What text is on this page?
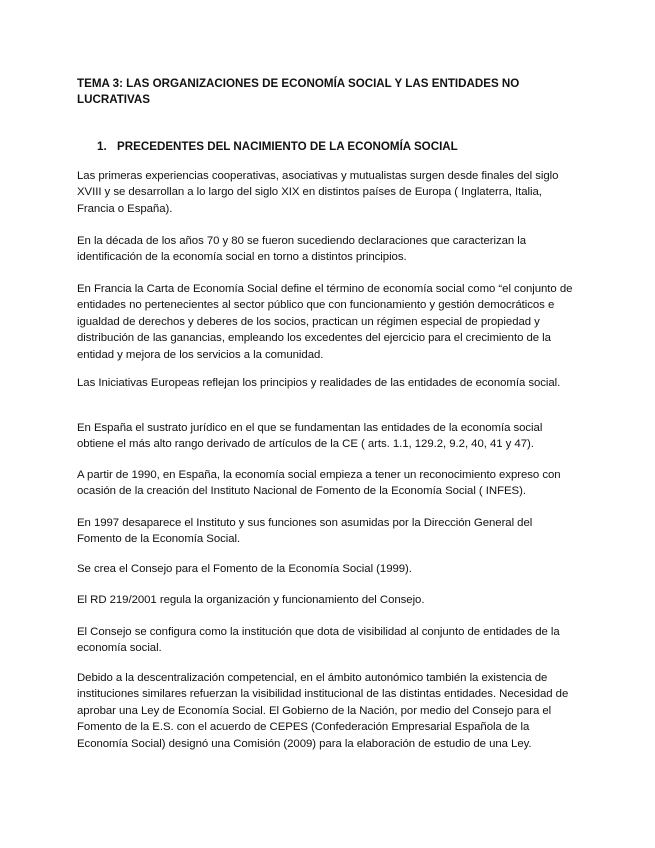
TEMA 3: LAS ORGANIZACIONES DE ECONOMÍA SOCIAL Y LAS ENTIDADES NO LUCRATIVAS
1. PRECEDENTES DEL NACIMIENTO DE LA ECONOMÍA SOCIAL

Las primeras experiencias cooperativas, asociativas y mutualistas surgen desde finales del siglo XVIII y se desarrollan a lo largo del siglo XIX en distintos países de Europa ( Inglaterra, Italia, Francia o España).

En la década de los años 70 y 80 se fueron sucediendo declaraciones que caracterizan la identificación de la economía social en torno a distintos principios.

En Francia la Carta de Economía Social define el término de economía social como “el conjunto de entidades no pertenecientes al sector público que con funcionamiento y gestión democráticos e igualdad de derechos y deberes de los socios, practican un régimen especial de propiedad y distribución de las ganancias, empleando los excedentes del ejercicio para el crecimiento de la entidad y mejora de los servicios a la comunidad.

Las Iniciativas Europeas reflejan los principios y realidades de las entidades de economía social.

En España el sustrato jurídico en el que se fundamentan las entidades de la economía social obtiene el más alto rango derivado de artículos de la CE ( arts. 1.1, 129.2, 9.2, 40, 41 y 47).

A partir de 1990, en España, la economía social empieza a tener un reconocimiento expreso con ocasión de la creación del Instituto Nacional de Fomento de la Economía Social ( INFES).

En 1997 desaparece el Instituto y sus funciones son asumidas por la Dirección General del Fomento de la Economía Social.

Se crea el Consejo para el Fomento de la Economía Social (1999).

El RD 219/2001 regula la organización y funcionamiento del Consejo.

El Consejo se configura como la institución que dota de visibilidad al conjunto de entidades de la economía social.

Debido a la descentralización competencial, en el ámbito autonómico también la existencia de instituciones similares refuerzan la visibilidad institucional de las distintas entidades. Necesidad de aprobar una Ley de Economía Social. El Gobierno de la Nación, por medio del Consejo para el Fomento de la E.S. con el acuerdo de CEPES (Confederación Empresarial Española de la Economía Social) designó una Comisión (2009) para la elaboración de estudio de una Ley.
